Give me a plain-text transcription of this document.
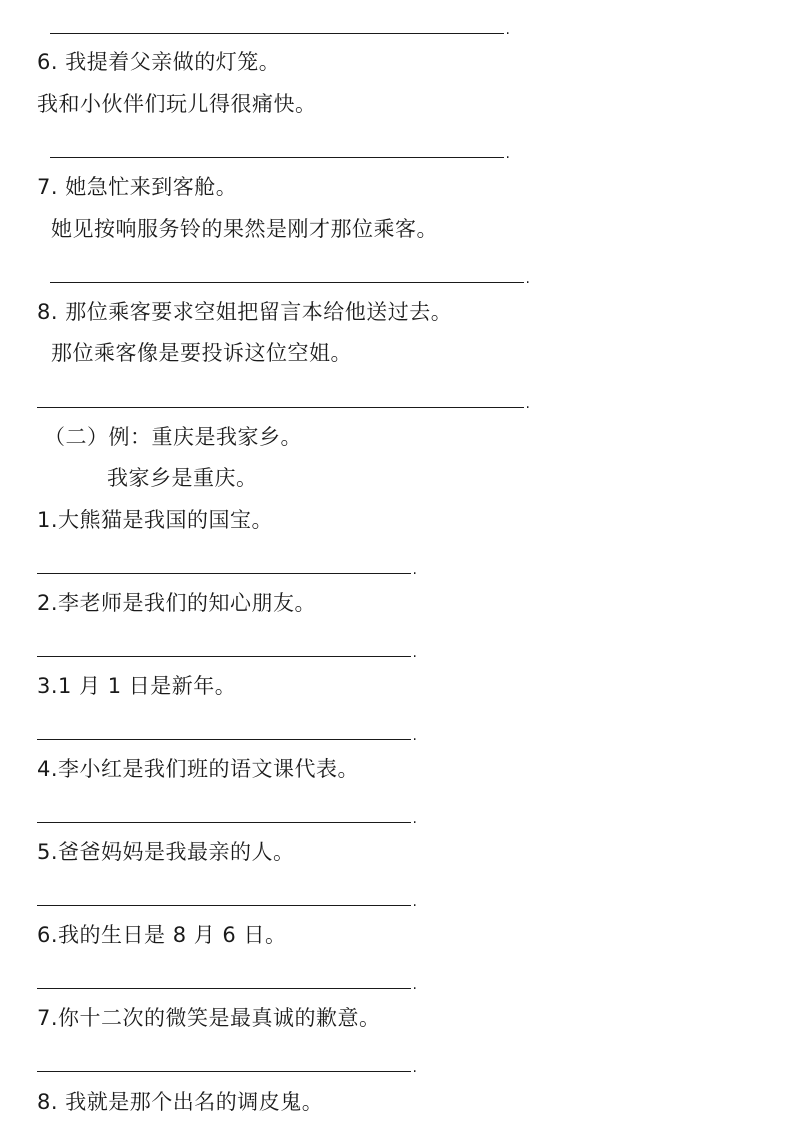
.
6. 我提着父亲做的灯笼。
我和小伙伴们玩儿得很痛快。
.
7. 她急忙来到客舱。
她见按响服务铃的果然是刚才那位乘客。
.
8. 那位乘客要求空姐把留言本给他送过去。
那位乘客像是要投诉这位空姐。
.
（二）例：重庆是我家乡。
我家乡是重庆。
1.大熊猫是我国的国宝。
.
2.李老师是我们的知心朋友。
.
3.1 月 1 日是新年。
.
4.李小红是我们班的语文课代表。
.
5.爸爸妈妈是我最亲的人。
.
6.我的生日是 8 月 6 日。
.
7.你十二次的微笑是最真诚的歉意。
.
8. 我就是那个出名的调皮鬼。
